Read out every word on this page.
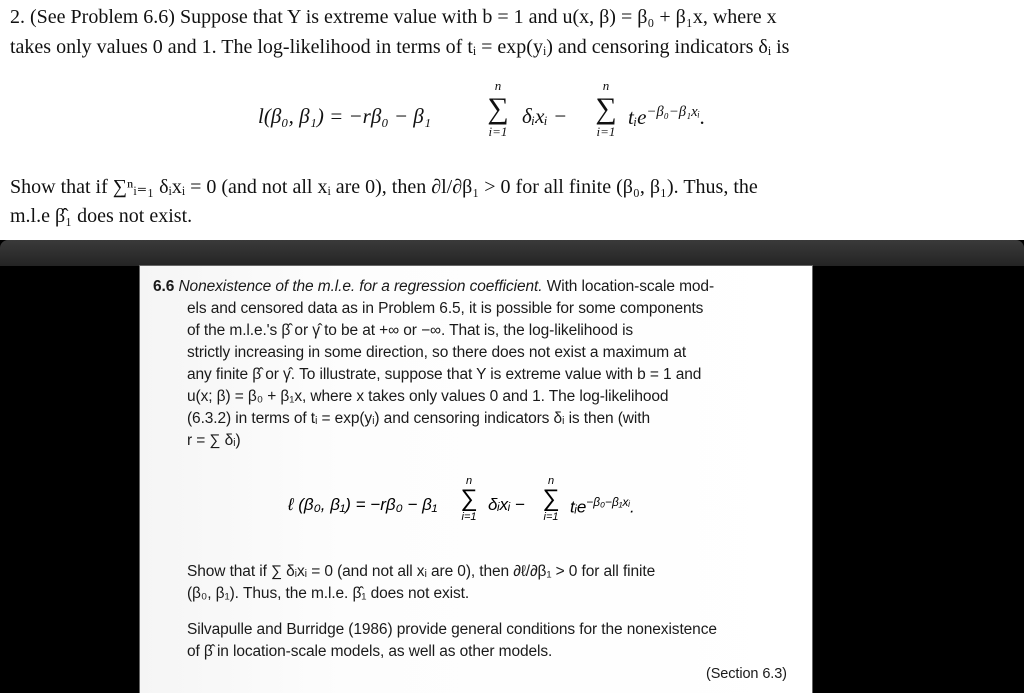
2. (See Problem 6.6) Suppose that Y is extreme value with b = 1 and u(x, β) = β₀ + β₁x, where x
takes only values 0 and 1. The log-likelihood in terms of tᵢ = exp(yᵢ) and censoring indicators δᵢ is
l(β₀, β₁) = −rβ₀ − β₁
n
∑
i=1
δᵢxᵢ −
n
∑
i=1
tᵢe$^{-\beta_0-\beta_1xᵢ}$.
Show that if ∑ⁿᵢ₌₁ δᵢxᵢ = 0 (and not all xᵢ are 0), then ∂l/∂β₁ > 0 for all finite (β₀, β₁). Thus, the
m.l.e β̂₁ does not exist.
6.6 Nonexistence of the m.l.e. for a regression coefficient. With location-scale mod-
els and censored data as in Problem 6.5, it is possible for some components
of the m.l.e.'s β̂ or γ̂ to be at +∞ or −∞. That is, the log-likelihood is
strictly increasing in some direction, so there does not exist a maximum at
any finite β̂ or γ̂. To illustrate, suppose that Y is extreme value with b = 1 and
u(x; β) = β₀ + β₁x, where x takes only values 0 and 1. The log-likelihood
(6.3.2) in terms of tᵢ = exp(yᵢ) and censoring indicators δᵢ is then (with
r = ∑ δᵢ)
Show that if ∑ δᵢxᵢ = 0 (and not all xᵢ are 0), then ∂ℓ/∂β₁ > 0 for all finite
(β₀, β₁). Thus, the m.l.e. β̂₁ does not exist.
Silvapulle and Burridge (1986) provide general conditions for the nonexistence
of β̂ in location-scale models, as well as other models.
(Section 6.3)
ℓ (β₀, β₁) = −rβ₀ − β₁
n
∑
i=1
δᵢxᵢ −
n
∑
i=1
tᵢe$^{-\beta_0-\beta_1xᵢ}$.
